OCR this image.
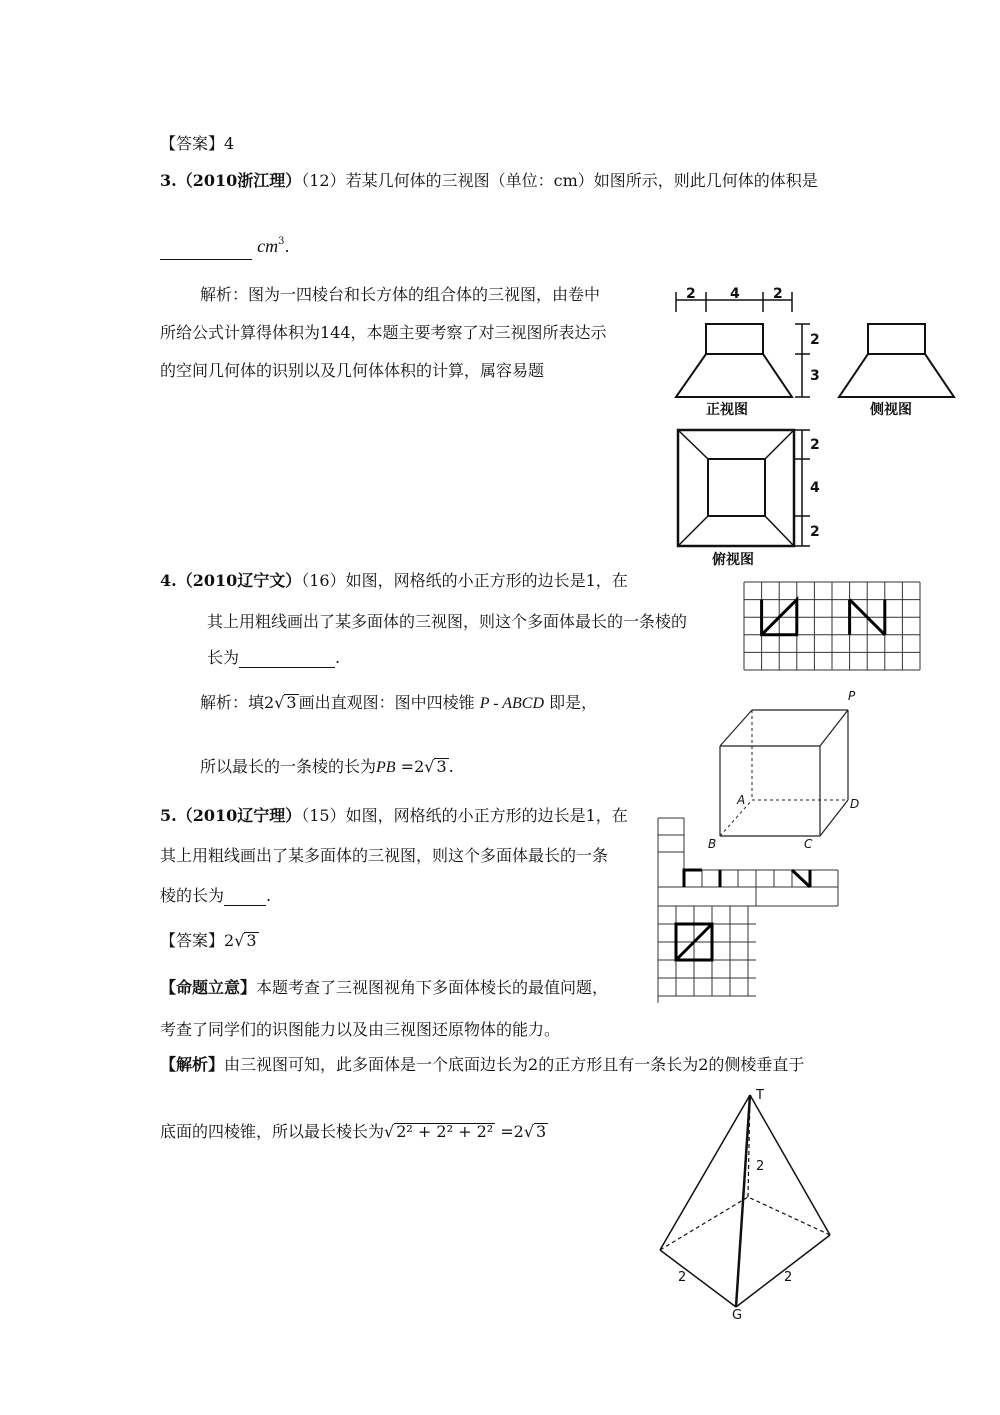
【答案】4
3.（2010浙江理）（12）若某几何体的三视图（单位：cm）如图所示，则此几何体的体积是
$cm^3$.
解析：图为一四棱台和长方体的组合体的三视图，由卷中
所给公式计算得体积为144，本题主要考察了对三视图所表达示
的空间几何体的识别以及几何体体积的计算，属容易题
2 4 2
2
3
2
4
2
正视图	侧视图
俯视图
4.（2010辽宁文）（16）如图，网格纸的小正方形的边长是1，在
其上用粗线画出了某多面体的三视图，则这个多面体最长的一条棱的
长为	.
解析：填2√ 3 画出直观图：图中四棱锥 P - ABCD 即是，
所以最长的一条棱的长为PB =2√ 3 .
P
A
B	C
D
5.（2010辽宁理）（15）如图，网格纸的小正方形的边长是1，在
其上用粗线画出了某多面体的三视图，则这个多面体最长的一条
棱的长为	.
【答案】2√ 3
【命题立意】本题考查了三视图视角下多面体棱长的最值问题，
考查了同学们的识图能力以及由三视图还原物体的能力。
【解析】由三视图可知，此多面体是一个底面边长为2的正方形且有一条长为2的侧棱垂直于
底面的四棱锥，所以最长棱长为√ 2² + 2² + 2² =2√ 3
T
G
2
2	2
